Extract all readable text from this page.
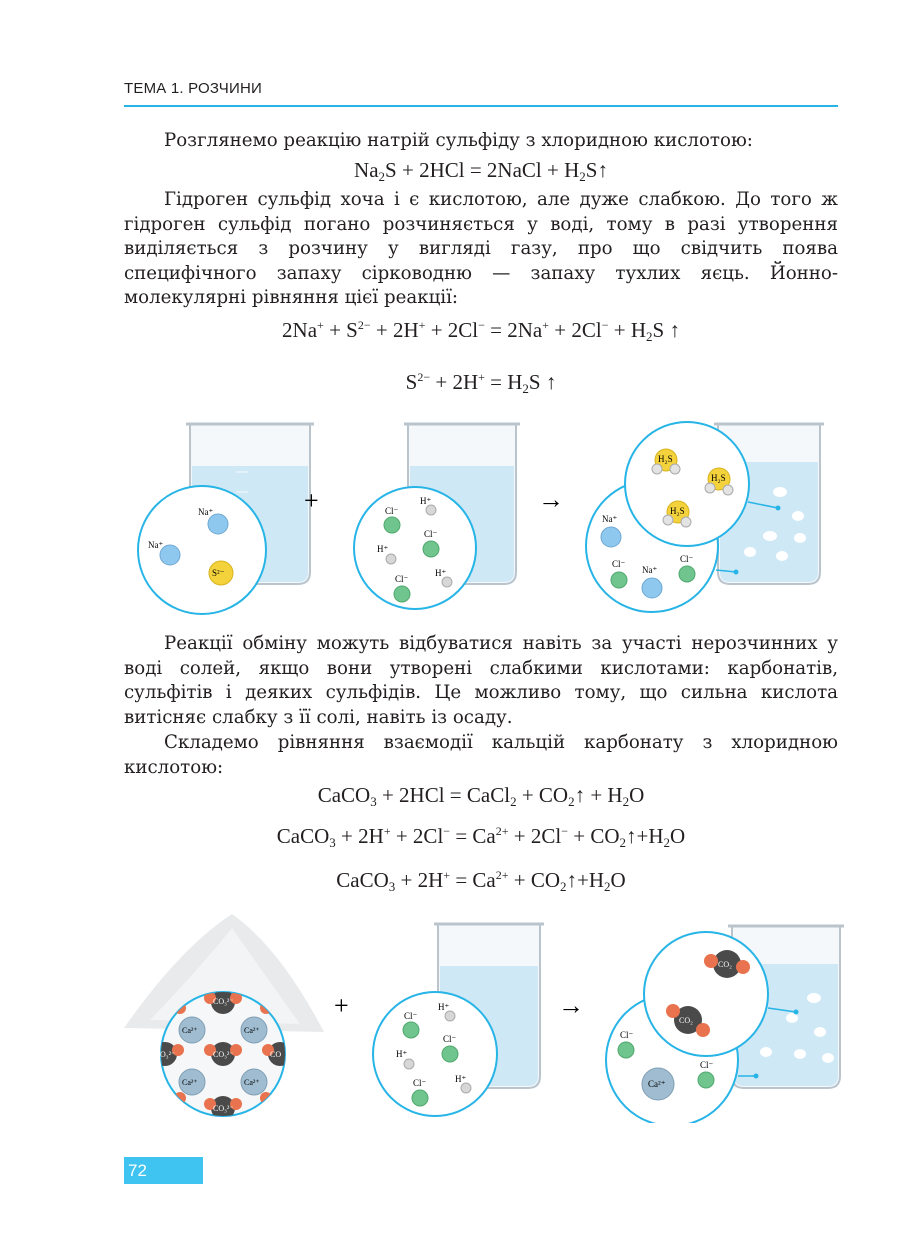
ТЕМА 1. РОЗЧИНИ

Розглянемо реакцію натрій сульфіду з хлоридною кислотою:

$Na_2S + 2HCl$ = 2NaCl + $H_2S↑$

Гідроген сульфід хоча і є кислотою, але дуже слабкою. До того ж гідроген сульфід погано розчиняється у воді, тому в разі утворення виділяється з розчину у вигляді газу, про що свідчить поява специфічного запаху сірководню — запаху тухлих яєць. Йонно-молекулярні рівняння цієї реакції:

$2Na^+ + S^{2-} + 2H^+ + 2Cl^- = 2Na^+ + 2Cl^- + H_2S$ ↑
$S^{2-} + 2H^+ = H_2S$ ↑
Na⁺
Na⁺
S²⁻
+	Cl⁻
H⁺
Cl⁻
H⁺
Cl⁻
H⁺
→
Na⁺
Cl⁻
Na⁺
Cl⁻
H₂S
H₂S
H₂S

Реакції обміну можуть відбуватися навіть за участі нерозчинних у воді солей, якщо вони утворені слабкими кислотами: карбонатів, сульфітів і деяких сульфідів. Це можливо тому, що сильна кислота витісняє слабку з її солі, навіть із осаду.

Складемо рівняння взаємодії кальцій карбонату з хлоридною кислотою:

CaCO$_3$ + 2HCl = CaCl$_2$ + $CO_2↑ + H_2O$
CaCO$_3$ + $2H^+ + 2Cl^- = Ca^{2+} + 2Cl^-$ + $CO_2↑+H_2O$
CaCO$_3$ + $2H^+ = Ca^{2+}$ + $CO_2↑+H_2O$
CO₃²⁻
Ca²⁺	Ca²⁺
CO₃²⁻
CO₃²⁻
Ca²⁺	Ca²⁺
CO
O₃²⁻
+	H⁺
Cl⁻
Cl⁻
H⁺
Cl⁻	H⁺
→
Cl⁻
Ca²⁺
Cl⁻
CO₂
CO₂
72
